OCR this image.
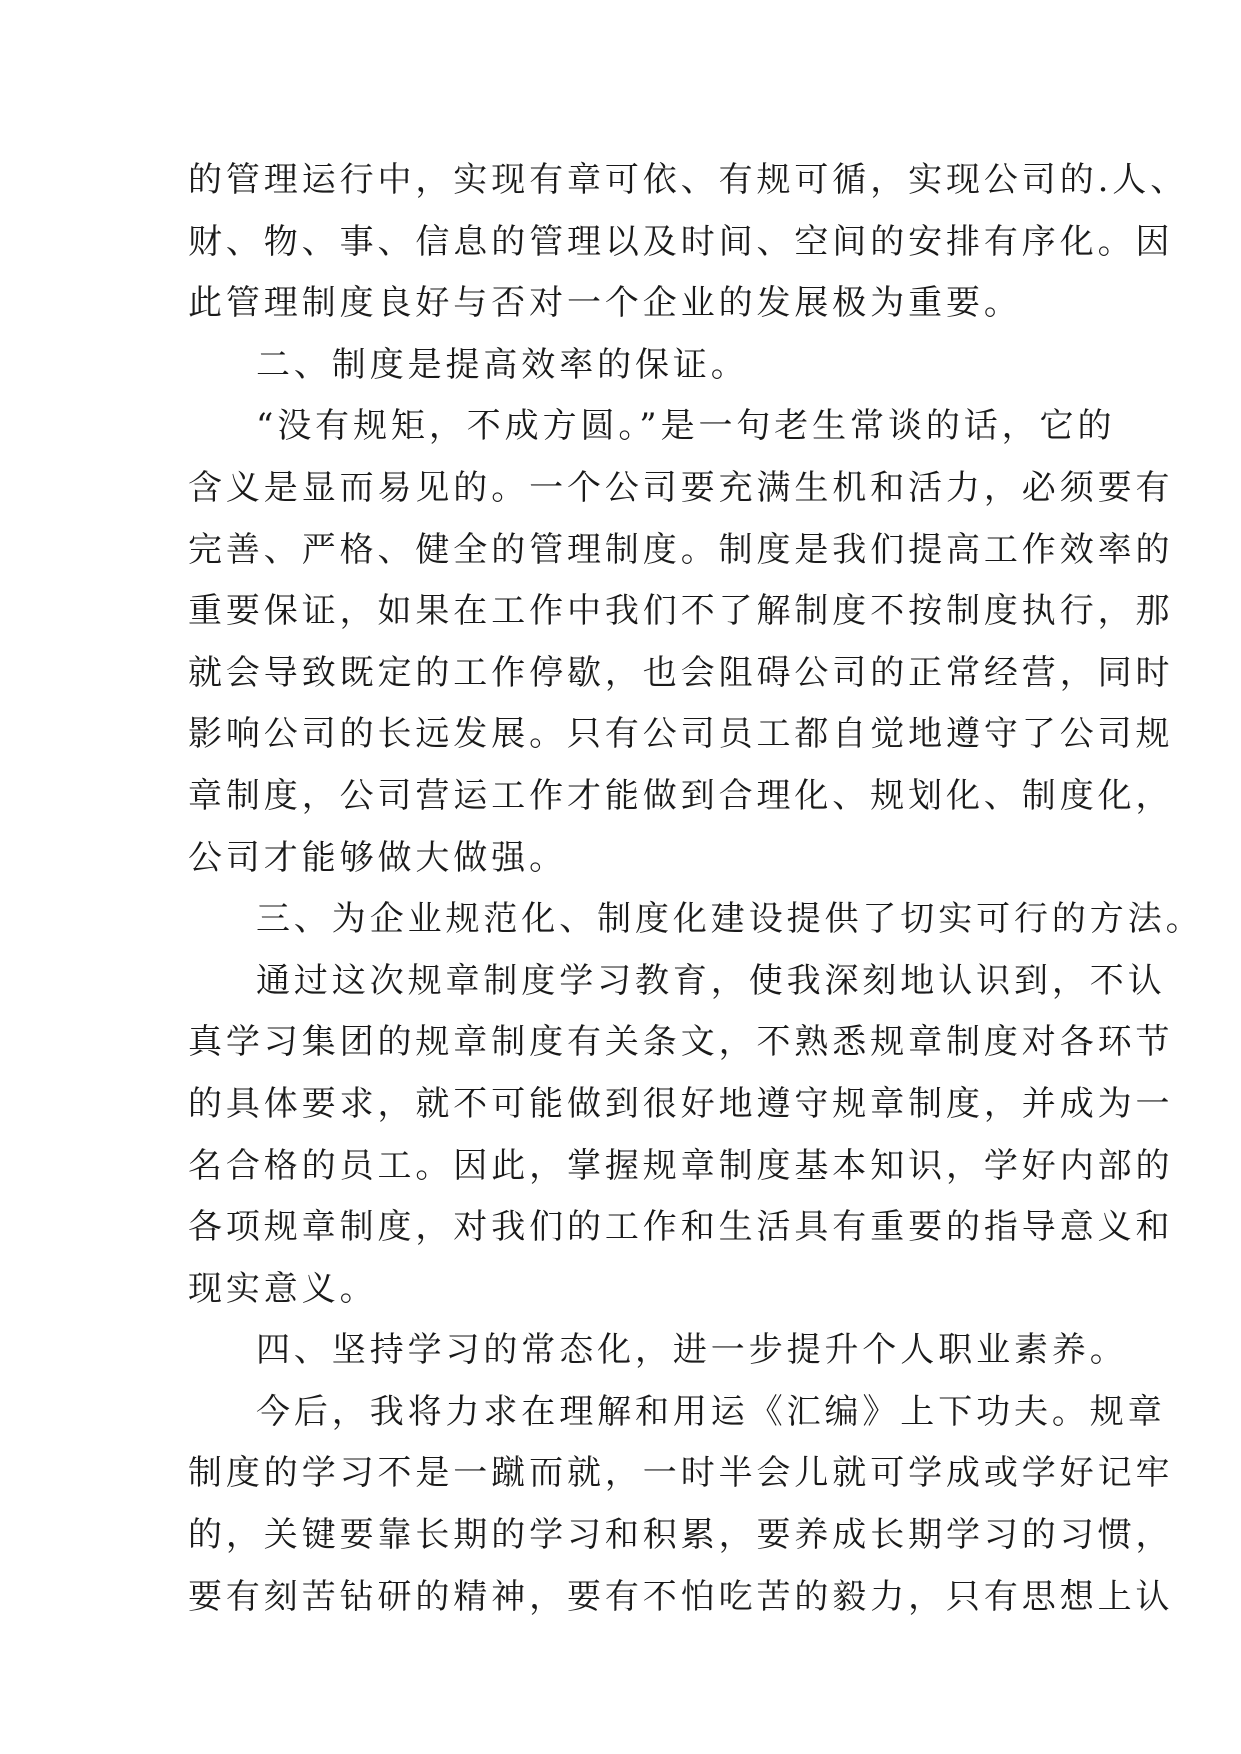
的管理运行中，实现有章可依、有规可循，实现公司的.人、
财、物、事、信息的管理以及时间、空间的安排有序化。因
此管理制度良好与否对一个企业的发展极为重要。
二、制度是提高效率的保证。
“没有规矩，不成方圆。”是一句老生常谈的话，它的
含义是显而易见的。一个公司要充满生机和活力，必须要有
完善、严格、健全的管理制度。制度是我们提高工作效率的
重要保证，如果在工作中我们不了解制度不按制度执行，那
就会导致既定的工作停歇，也会阻碍公司的正常经营，同时
影响公司的长远发展。只有公司员工都自觉地遵守了公司规
章制度，公司营运工作才能做到合理化、规划化、制度化，
公司才能够做大做强。
三、为企业规范化、制度化建设提供了切实可行的方法。
通过这次规章制度学习教育，使我深刻地认识到，不认
真学习集团的规章制度有关条文，不熟悉规章制度对各环节
的具体要求，就不可能做到很好地遵守规章制度，并成为一
名合格的员工。因此，掌握规章制度基本知识，学好内部的
各项规章制度，对我们的工作和生活具有重要的指导意义和
现实意义。
四、坚持学习的常态化，进一步提升个人职业素养。
今后，我将力求在理解和用运《汇编》上下功夫。规章
制度的学习不是一蹴而就，一时半会儿就可学成或学好记牢
的，关键要靠长期的学习和积累，要养成长期学习的习惯，
要有刻苦钻研的精神，要有不怕吃苦的毅力，只有思想上认
